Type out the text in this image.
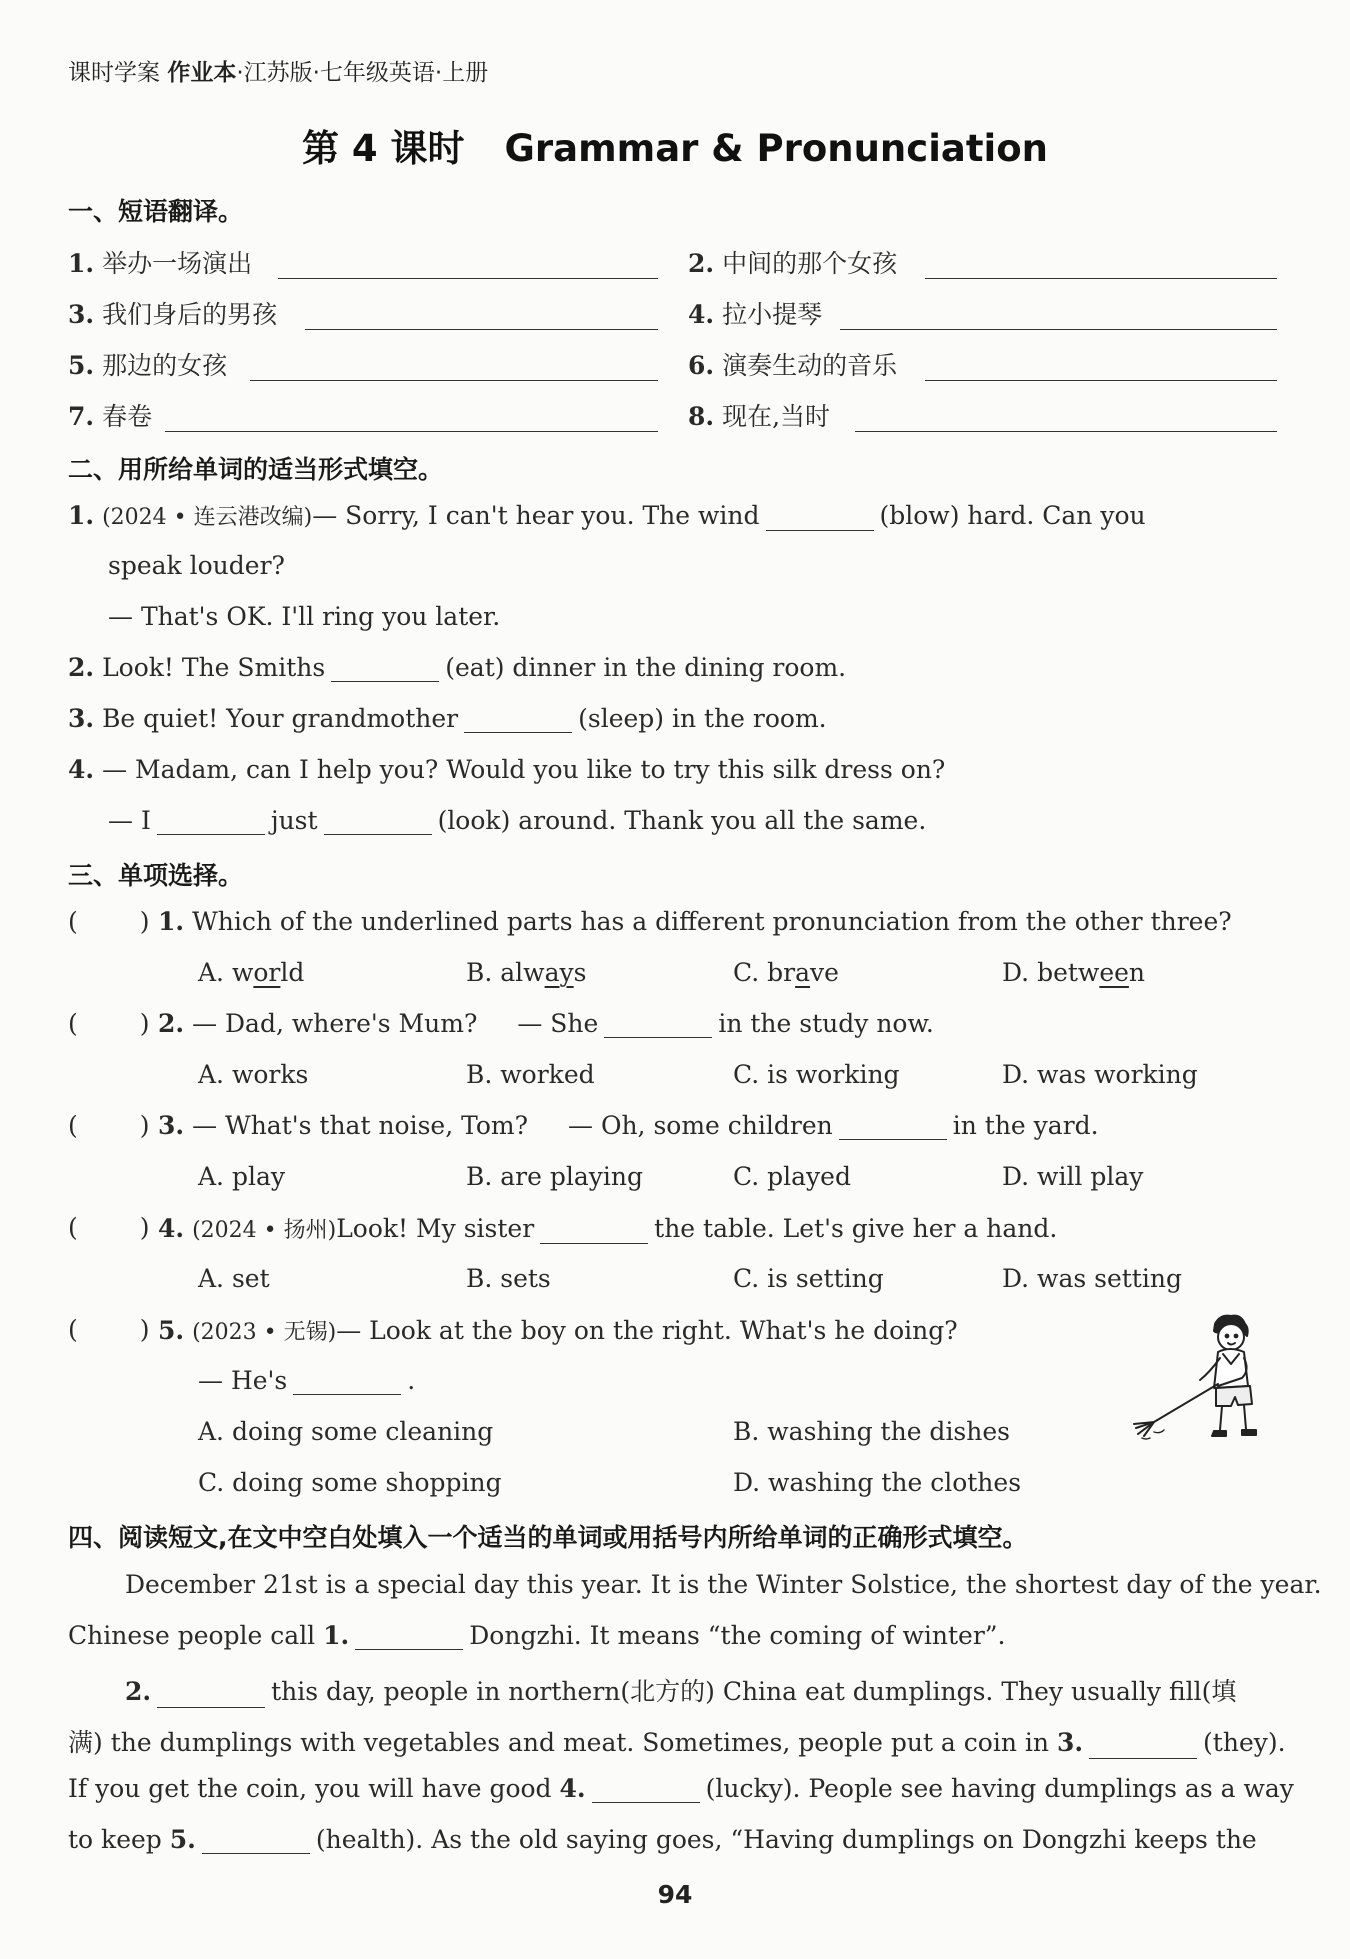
课时学案 作业本·江苏版·七年级英语·上册
第 4 课时 Grammar & Pronunciation
一、短语翻译。
1. 举办一场演出	2. 中间的那个女孩
3. 我们身后的男孩	4. 拉小提琴
5. 那边的女孩	6. 演奏生动的音乐
7. 春卷	8. 现在,当时
二、用所给单词的适当形式填空。
1. (2024 • 连云港改编)— Sorry, I can't hear you. The wind	(blow) hard. Can you
speak louder?
— That's OK. I'll ring you later.
2. Look! The Smiths	(eat) dinner in the dining room.
3. Be quiet! Your grandmother	(sleep) in the room.
4. — Madam, can I help you? Would you like to try this silk dress on?
— I	just	(look) around. Thank you all the same.
三、单项选择。
( ) 1. Which of the underlined parts has a different pronunciation from the other three?
A. world	B. always	C. brave	D. between
( ) 2. — Dad, where's Mum? — She	in the study now.
A. works	B. worked	C. is working	D. was working
( ) 3. — What's that noise, Tom? — Oh, some children	in the yard.
A. play	B. are playing	C. played	D. will play
( ) 4. (2024 • 扬州)Look! My sister	the table. Let's give her a hand.
A. set	B. sets	C. is setting	D. was setting
( ) 5. (2023 • 无锡)— Look at the boy on the right. What's he doing?
— He's	.
A. doing some cleaning	B. washing the dishes
C. doing some shopping	D. washing the clothes
四、阅读短文,在文中空白处填入一个适当的单词或用括号内所给单词的正确形式填空。
December 21st is a special day this year. It is the Winter Solstice, the shortest day of the year.
Chinese people call 1.	Dongzhi. It means “the coming of winter”.
2.	this day, people in northern(北方的) China eat dumplings. They usually fill(填
满) the dumplings with vegetables and meat. Sometimes, people put a coin in 3.	(they).
If you get the coin, you will have good 4.	(lucky). People see having dumplings as a way
to keep 5.	(health). As the old saying goes, “Having dumplings on Dongzhi keeps the
94
